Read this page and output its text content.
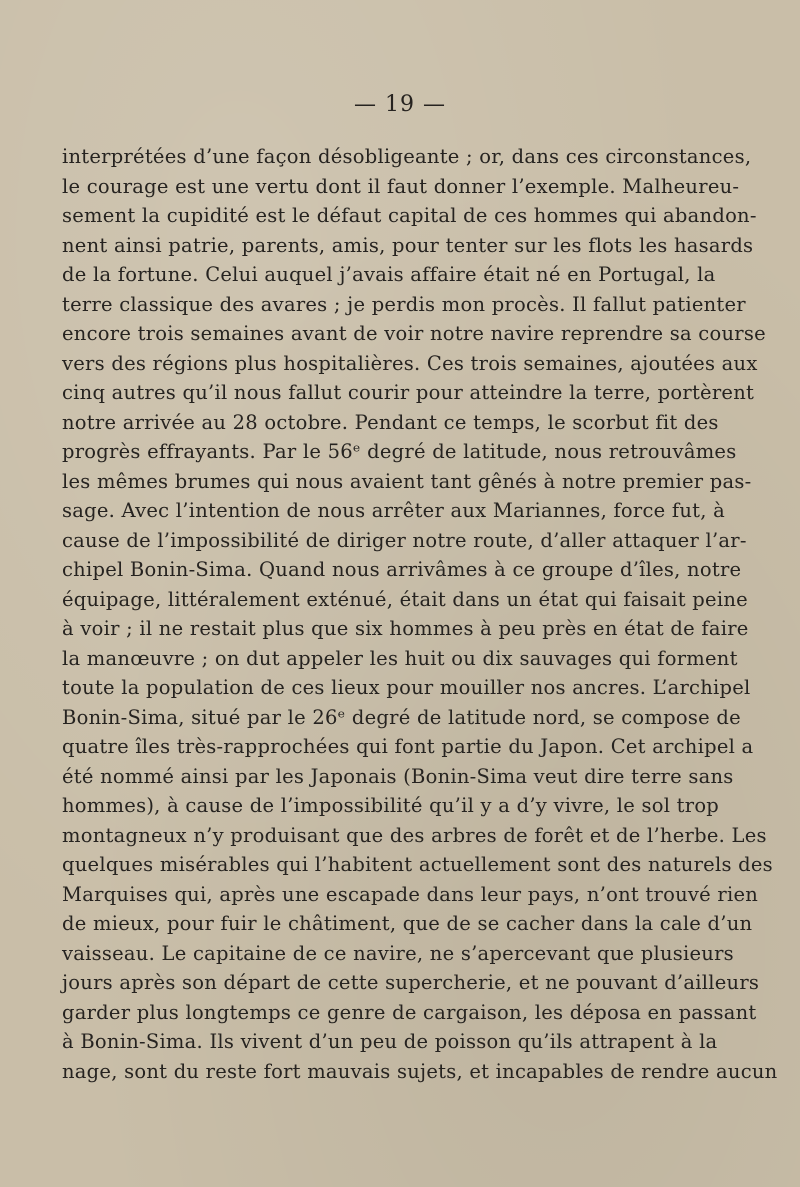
— 19 —
interprétées d’une façon désobligeante ; or, dans ces circonstances,
le courage est une vertu dont il faut donner l’exemple. Malheureu-
sement la cupidité est le défaut capital de ces hommes qui abandon-
nent ainsi patrie, parents, amis, pour tenter sur les flots les hasards
de la fortune. Celui auquel j’avais affaire était né en Portugal, la
terre classique des avares ; je perdis mon procès. Il fallut patienter
encore trois semaines avant de voir notre navire reprendre sa course
vers des régions plus hospitalières. Ces trois semaines, ajoutées aux
cinq autres qu’il nous fallut courir pour atteindre la terre, portèrent
notre arrivée au 28 octobre. Pendant ce temps, le scorbut fit des
progrès effrayants. Par le 56ᵉ degré de latitude, nous retrouvâmes
les mêmes brumes qui nous avaient tant gênés à notre premier pas-
sage. Avec l’intention de nous arrêter aux Mariannes, force fut, à
cause de l’impossibilité de diriger notre route, d’aller attaquer l’ar-
chipel Bonin-Sima. Quand nous arrivâmes à ce groupe d’îles, notre
équipage, littéralement exténué, était dans un état qui faisait peine
à voir ; il ne restait plus que six hommes à peu près en état de faire
la manœuvre ; on dut appeler les huit ou dix sauvages qui forment
toute la population de ces lieux pour mouiller nos ancres. L’archipel
Bonin-Sima, situé par le 26ᵉ degré de latitude nord, se compose de
quatre îles très-rapprochées qui font partie du Japon. Cet archipel a
été nommé ainsi par les Japonais (Bonin-Sima veut dire terre sans
hommes), à cause de l’impossibilité qu’il y a d’y vivre, le sol trop
montagneux n’y produisant que des arbres de forêt et de l’herbe. Les
quelques misérables qui l’habitent actuellement sont des naturels des
Marquises qui, après une escapade dans leur pays, n’ont trouvé rien
de mieux, pour fuir le châtiment, que de se cacher dans la cale d’un
vaisseau. Le capitaine de ce navire, ne s’apercevant que plusieurs
jours après son départ de cette supercherie, et ne pouvant d’ailleurs
garder plus longtemps ce genre de cargaison, les déposa en passant
à Bonin-Sima. Ils vivent d’un peu de poisson qu’ils attrapent à la
nage, sont du reste fort mauvais sujets, et incapables de rendre aucun
